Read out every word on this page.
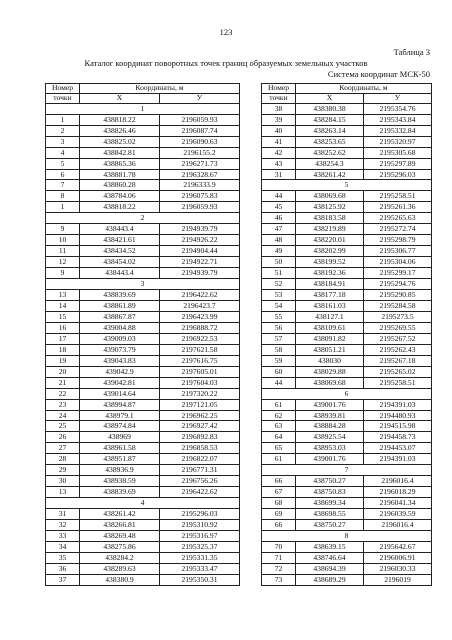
123
Таблица 3
Каталог координат поворотных точек границ образуемых земельных участков
Система координат МСК-50
Номер	Координаты, м	
точки	X	У
1		
1	438818.22	2196059.93
2	438826.46	2196087.74
3	438825.02	2196090.63
4	438842.81	2196155.2
5	438865.36	2196271.73
6	438881.78	2196328.67
7	438860.28	2196333.9
8	438784.06	2196075.83
1	438818.22	2196059.93
2		
9	438443.4	2194939.79
10	438421.61	2194926.22
11	438434.52	2194904.44
12	438454.02	2194922.71
9	438443.4	2194939.79
3		
13	438839.69	2196422.62
14	438861.89	2196423.7
15	438867.87	2196423.99
16	439004.88	2196888.72
17	439009.03	2196922.53
18	439073.79	2197621.58
19	439043.83	2197616.75
20	439042.9	2197605.01
21	439042.81	2197604.03
22	439014.64	2197320.22
23	438994.87	2197121.05
24	438979.1	2196962.25
25	438974.84	2196927.42
26	438969	2196892.83
27	438961.58	2196858.53
28	438951.87	2196822.07
29	438936.9	2196771.31
30	438938.59	2196756.26
13	438839.69	2196422.62
4		
31	438261.42	2195296.03
32	438266.81	2195310.92
33	438269.48	2195316.97
34	438275.86	2195325.37
35	438284.2	2195331.35
36	438289.63	2195333.47
37	438380.9	2195350.31
Номер	Координаты, м	
точки	X	У
38	438380.38	2195354.76
39	438284.15	2195343.84
40	438263.14	2195332.84
41	438253.65	2195320.97
42	438252.62	2195305.68
43	438254.3	2195297.89
31	438261.42	2195296.03
5		
44	438069.68	2195258.51
45	438125.92	2195261.36
46	438183.58	2195265.63
47	438219.89	2195272.74
48	438220.01	2195298.79
49	438202.99	2195306.77
50	438199.52	2195304.06
51	438192.36	2195299.17
52	438184.91	2195294.76
53	438177.18	2195290.85
54	438161.03	2195284.58
55	438127.1	2195273.5
56	438109.61	2195269.55
57	438091.82	2195267.52
58	438051.21	2195262.43
59	438030	2195267.18
60	438029.88	2195265.02
44	438069.68	2195258.51
6		
61	439001.76	2194391.03
62	438939.81	2194480.93
63	438884.28	2194515.98
64	438925.54	2194458.73
65	438953.03	2194453.07
61	439001.76	2194391.03
7		
66	438750.27	2196016.4
67	438750.83	2196018.29
68	438699.34	2196041.34
69	438698.55	2196039.59
66	438750.27	2196016.4
8		
70	438639.15	2195642.67
71	438746.64	2196006.91
72	438694.39	2196030.33
73	438689.29	2196019
